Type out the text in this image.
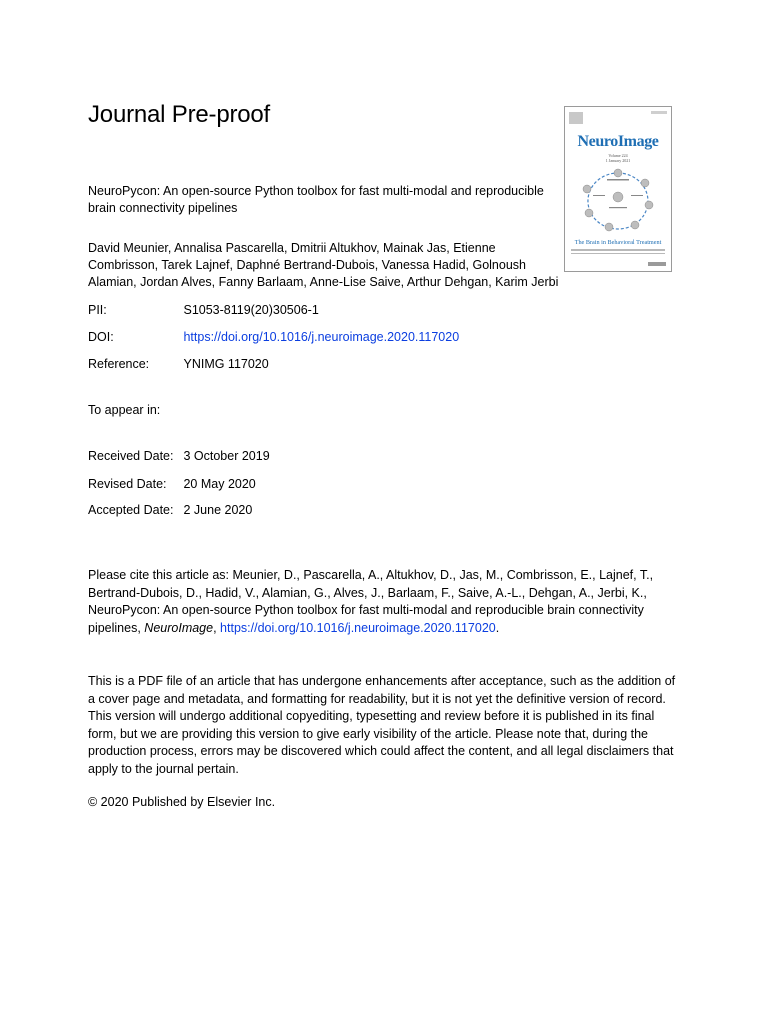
Journal Pre-proof
NeuroImage
Volume 224
1 January 2021
The Brain in Behavioral Treatment
NeuroPycon: An open-source Python toolbox for fast multi-modal and reproducible brain connectivity pipelines
David Meunier, Annalisa Pascarella, Dmitrii Altukhov, Mainak Jas, Etienne Combrisson, Tarek Lajnef, Daphné Bertrand-Dubois, Vanessa Hadid, Golnoush Alamian, Jordan Alves, Fanny Barlaam, Anne-Lise Saive, Arthur Dehgan, Karim Jerbi
PII:	S1053-8119(20)30506-1
DOI:	https://doi.org/10.1016/j.neuroimage.2020.117020
Reference:	YNIMG 117020
To appear in:
Received Date: 3 October 2019
Revised Date: 20 May 2020
Accepted Date: 2 June 2020
Please cite this article as: Meunier, D., Pascarella, A., Altukhov, D., Jas, M., Combrisson, E., Lajnef, T., Bertrand-Dubois, D., Hadid, V., Alamian, G., Alves, J., Barlaam, F., Saive, A.-L., Dehgan, A., Jerbi, K., NeuroPycon: An open-source Python toolbox for fast multi-modal and reproducible brain connectivity pipelines, NeuroImage, https://doi.org/10.1016/j.neuroimage.2020.117020.
This is a PDF file of an article that has undergone enhancements after acceptance, such as the addition of a cover page and metadata, and formatting for readability, but it is not yet the definitive version of record. This version will undergo additional copyediting, typesetting and review before it is published in its final form, but we are providing this version to give early visibility of the article. Please note that, during the production process, errors may be discovered which could affect the content, and all legal disclaimers that apply to the journal pertain.
© 2020 Published by Elsevier Inc.
